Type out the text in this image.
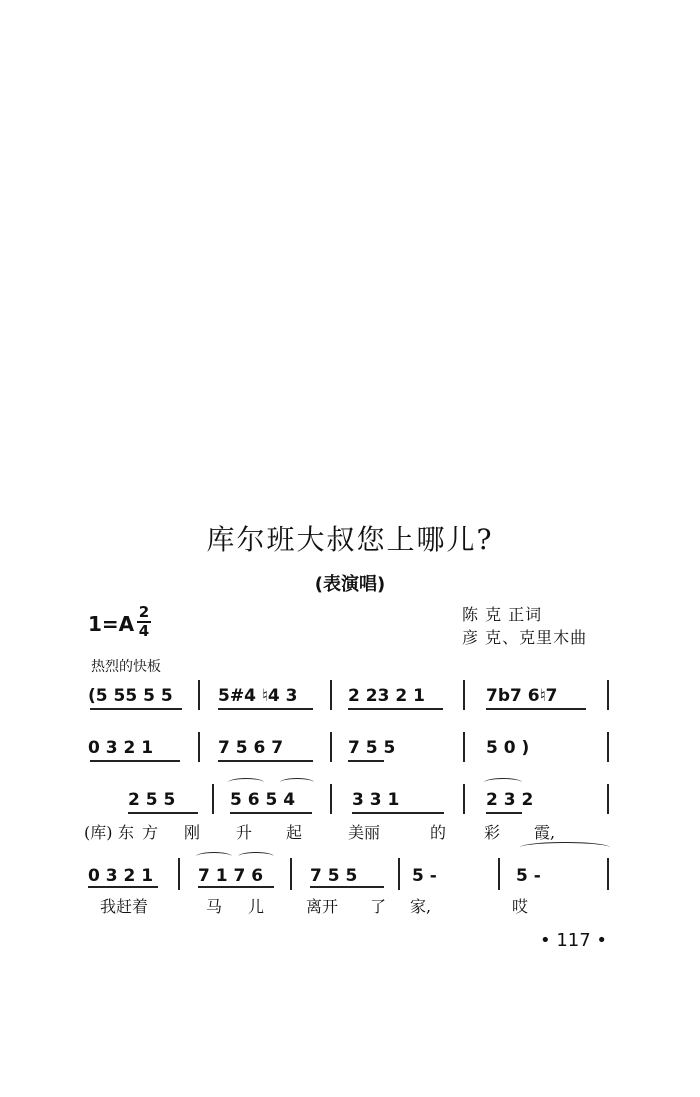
库尔班大叔您上哪儿?
(表演唱)
1=A 2
4
陈 克 正词
彦 克、克里木曲
热烈的快板
(5 55 5 5	5#4 ♮4 3	2 23 2 1	7b7 6♮7
0 3 2 1	7 5 6 7	7 5 5	5 0 )
2 5 5	5 6 5 4	3 3 1	2 3 2
(库) 东 方 刚 升 起	美丽	的 彩 霞,
0 3 2 1	7 1 7 6	7 5 5	5 -	5 -
我赶着	马 儿	离开 了 家,	哎
• 117 •
